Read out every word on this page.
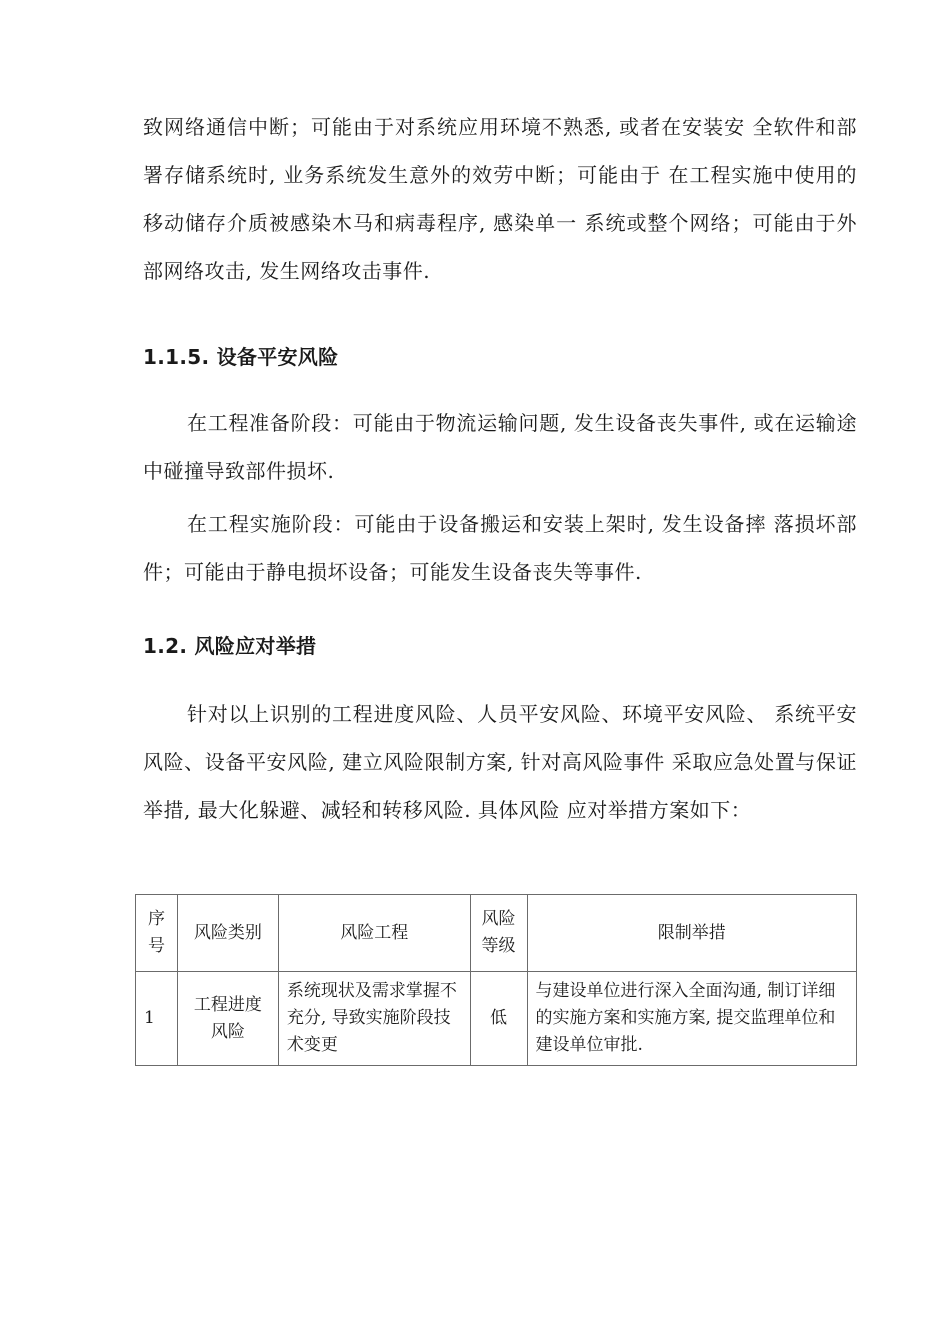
致网络通信中断；可能由于对系统应用环境不熟悉, 或者在安装安 全软件和部署存储系统时, 业务系统发生意外的效劳中断；可能由于 在工程实施中使用的移动储存介质被感染木马和病毒程序, 感染单一 系统或整个网络；可能由于外部网络攻击, 发生网络攻击事件.

1.1.5. 设备平安风险

在工程准备阶段：可能由于物流运输问题, 发生设备丧失事件, 或在运输途中碰撞导致部件损坏.

在工程实施阶段：可能由于设备搬运和安装上架时, 发生设备摔 落损坏部件；可能由于静电损坏设备；可能发生设备丧失等事件.

1.2. 风险应对举措

针对以上识别的工程进度风险、人员平安风险、环境平安风险、 系统平安风险、设备平安风险, 建立风险限制方案, 针对高风险事件 采取应急处置与保证举措, 最大化躲避、减轻和转移风险. 具体风险 应对举措方案如下：

序号	风险类别	风险工程	风险等级	限制举措
1	工程进度风险	系统现状及需求掌握不充分, 导致实施阶段技术变更	低	与建设单位进行深入全面沟通, 制订详细的实施方案和实施方案, 提交监理单位和建设单位审批.
